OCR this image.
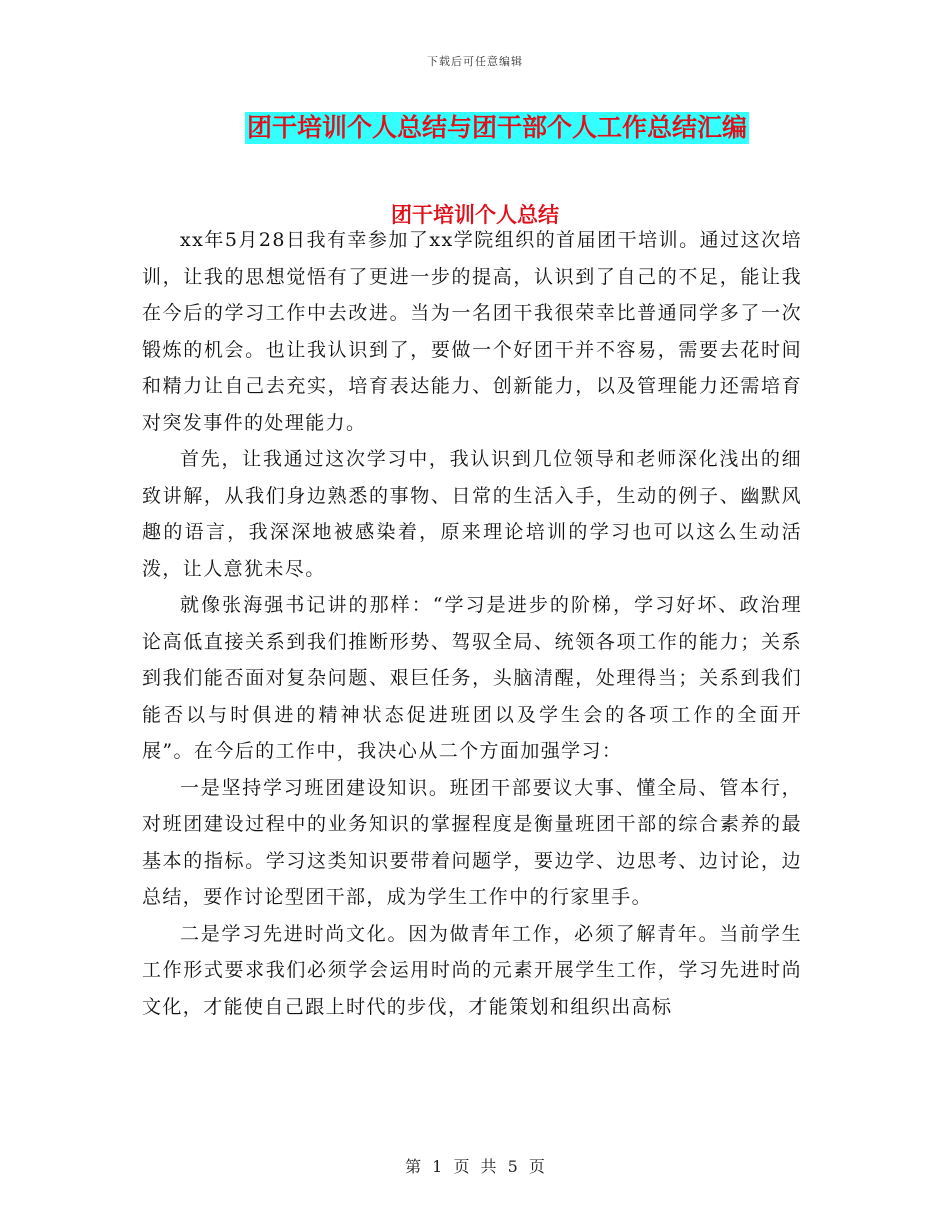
下载后可任意编辑
团干培训个人总结与团干部个人工作总结汇编
团干培训个人总结

xx年5月28日我有幸参加了xx学院组织的首届团干培训。通过这次培训，让我的思想觉悟有了更进一步的提高，认识到了自己的不足，能让我在今后的学习工作中去改进。当为一名团干我很荣幸比普通同学多了一次锻炼的机会。也让我认识到了，要做一个好团干并不容易，需要去花时间和精力让自己去充实，培育表达能力、创新能力，以及管理能力还需培育对突发事件的处理能力。

首先，让我通过这次学习中，我认识到几位领导和老师深化浅出的细致讲解，从我们身边熟悉的事物、日常的生活入手，生动的例子、幽默风趣的语言，我深深地被感染着，原来理论培训的学习也可以这么生动活泼，让人意犹未尽。

就像张海强书记讲的那样：“学习是进步的阶梯，学习好坏、政治理论高低直接关系到我们推断形势、驾驭全局、统领各项工作的能力；关系到我们能否面对复杂问题、艰巨任务，头脑清醒，处理得当；关系到我们能否以与时俱进的精神状态促进班团以及学生会的各项工作的全面开展”。在今后的工作中，我决心从二个方面加强学习：

一是坚持学习班团建设知识。班团干部要议大事、懂全局、管本行，对班团建设过程中的业务知识的掌握程度是衡量班团干部的综合素养的最基本的指标。学习这类知识要带着问题学，要边学、边思考、边讨论，边总结，要作讨论型团干部，成为学生工作中的行家里手。

二是学习先进时尚文化。因为做青年工作，必须了解青年。当前学生工作形式要求我们必须学会运用时尚的元素开展学生工作，学习先进时尚文化，才能使自己跟上时代的步伐，才能策划和组织出高标

第 1 页 共 5 页
